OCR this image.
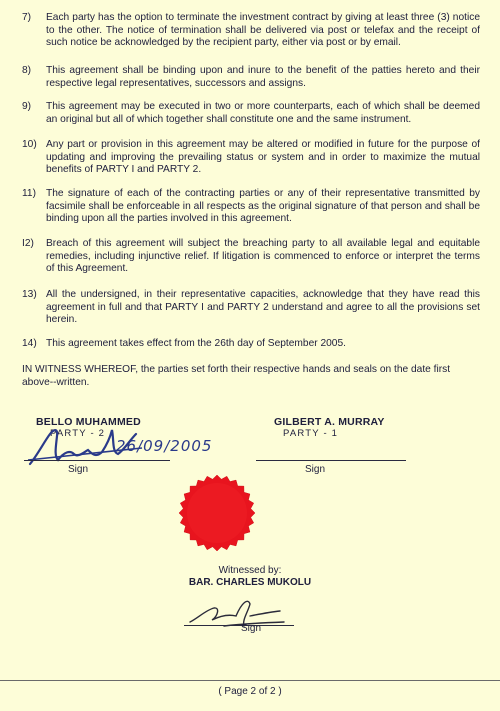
7) Each party has the option to terminate the investment contract by giving at least three (3) notice to the other. The notice of termination shall be delivered via post or telefax and the receipt of such notice be acknowledged by the recipient party, either via post or by email.
8) This agreement shall be binding upon and inure to the benefit of the patties hereto and their respective legal representatives, successors and assigns.
9) This agreement may be executed in two or more counterparts, each of which shall be deemed an original but all of which together shall constitute one and the same instrument.
10) Any part or provision in this agreement may be altered or modified in future for the purpose of updating and improving the prevailing status or system and in order to maximize the mutual benefits of PARTY I and PARTY 2.
11) The signature of each of the contracting parties or any of their representative transmitted by facsimile shall be enforceable in all respects as the original signature of that person and shall be binding upon all the parties involved in this agreement.
I2) Breach of this agreement will subject the breaching party to all available legal and equitable remedies, including injunctive relief. If litigation is commenced to enforce or interpret the terms of this Agreement.
13) All the undersigned, in their representative capacities, acknowledge that they have read this agreement in full and that PARTY I and PARTY 2 understand and agree to all the provisions set herein.
14) This agreement takes effect from the 26th day of September 2005.
IN WITNESS WHEREOF, the parties set forth their respective hands and seals on the date first above--written.
BELLO MUHAMMED
PARTY - 2
26/09/2005
Sign
GILBERT A. MURRAY
PARTY - 1
Sign
Witnessed by:
BAR. CHARLES MUKOLU
Sign
( Page 2 of 2 )
